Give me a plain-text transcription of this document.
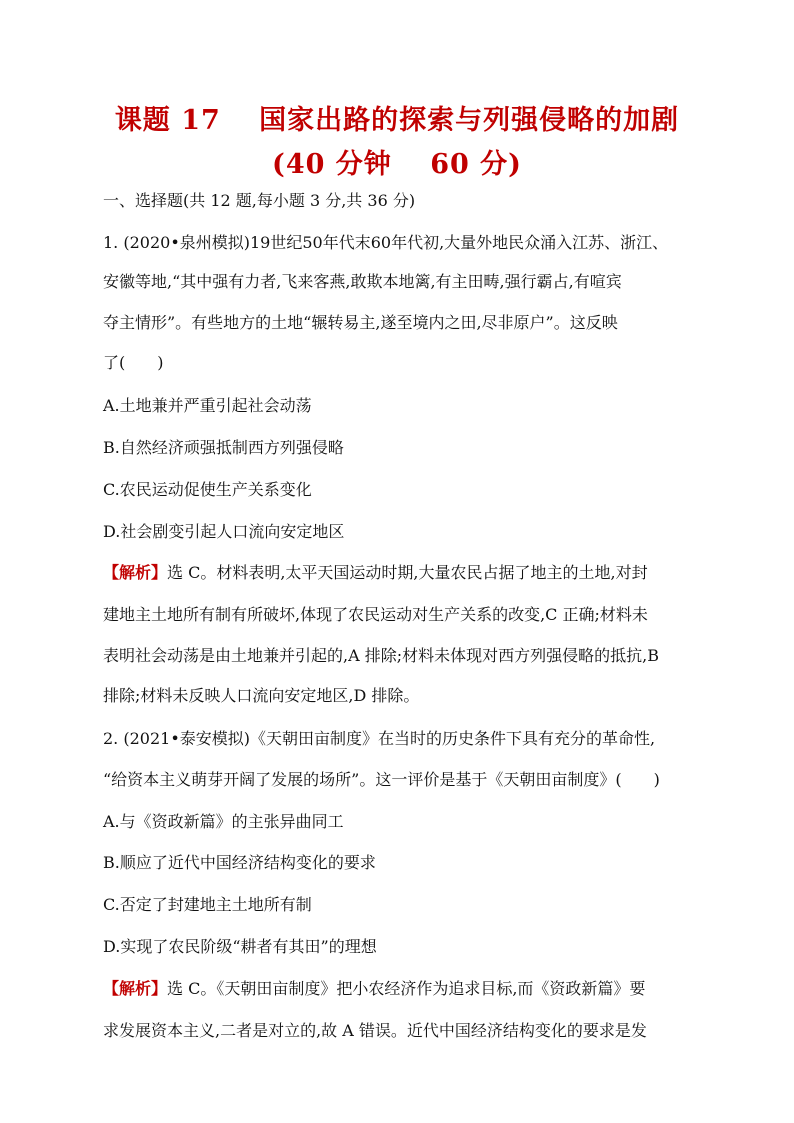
课题 17　 国家出路的探索与列强侵略的加剧
(40 分钟　 60 分)
一、选择题(共 12 题,每小题 3 分,共 36 分)
1. (2020•泉州模拟)19世纪50年代末60年代初,大量外地民众涌入江苏、浙江、
安徽等地,“其中强有力者,飞来客燕,敢欺本地篱,有主田畴,强行霸占,有喧宾
夺主情形”。有些地方的土地“辗转易主,遂至境内之田,尽非原户”。这反映
了(　　)
A.土地兼并严重引起社会动荡
B.自然经济顽强抵制西方列强侵略
C.农民运动促使生产关系变化
D.社会剧变引起人口流向安定地区
【解析】选 C。材料表明,太平天国运动时期,大量农民占据了地主的土地,对封
建地主土地所有制有所破坏,体现了农民运动对生产关系的改变,C 正确;材料未
表明社会动荡是由土地兼并引起的,A 排除;材料未体现对西方列强侵略的抵抗,B
排除;材料未反映人口流向安定地区,D 排除。
2. (2021•泰安模拟)《天朝田亩制度》在当时的历史条件下具有充分的革命性,
“给资本主义萌芽开阔了发展的场所”。这一评价是基于《天朝田亩制度》(　　)
A.与《资政新篇》的主张异曲同工
B.顺应了近代中国经济结构变化的要求
C.否定了封建地主土地所有制
D.实现了农民阶级“耕者有其田”的理想
【解析】选 C。《天朝田亩制度》把小农经济作为追求目标,而《资政新篇》要
求发展资本主义,二者是对立的,故 A 错误。近代中国经济结构变化的要求是发
